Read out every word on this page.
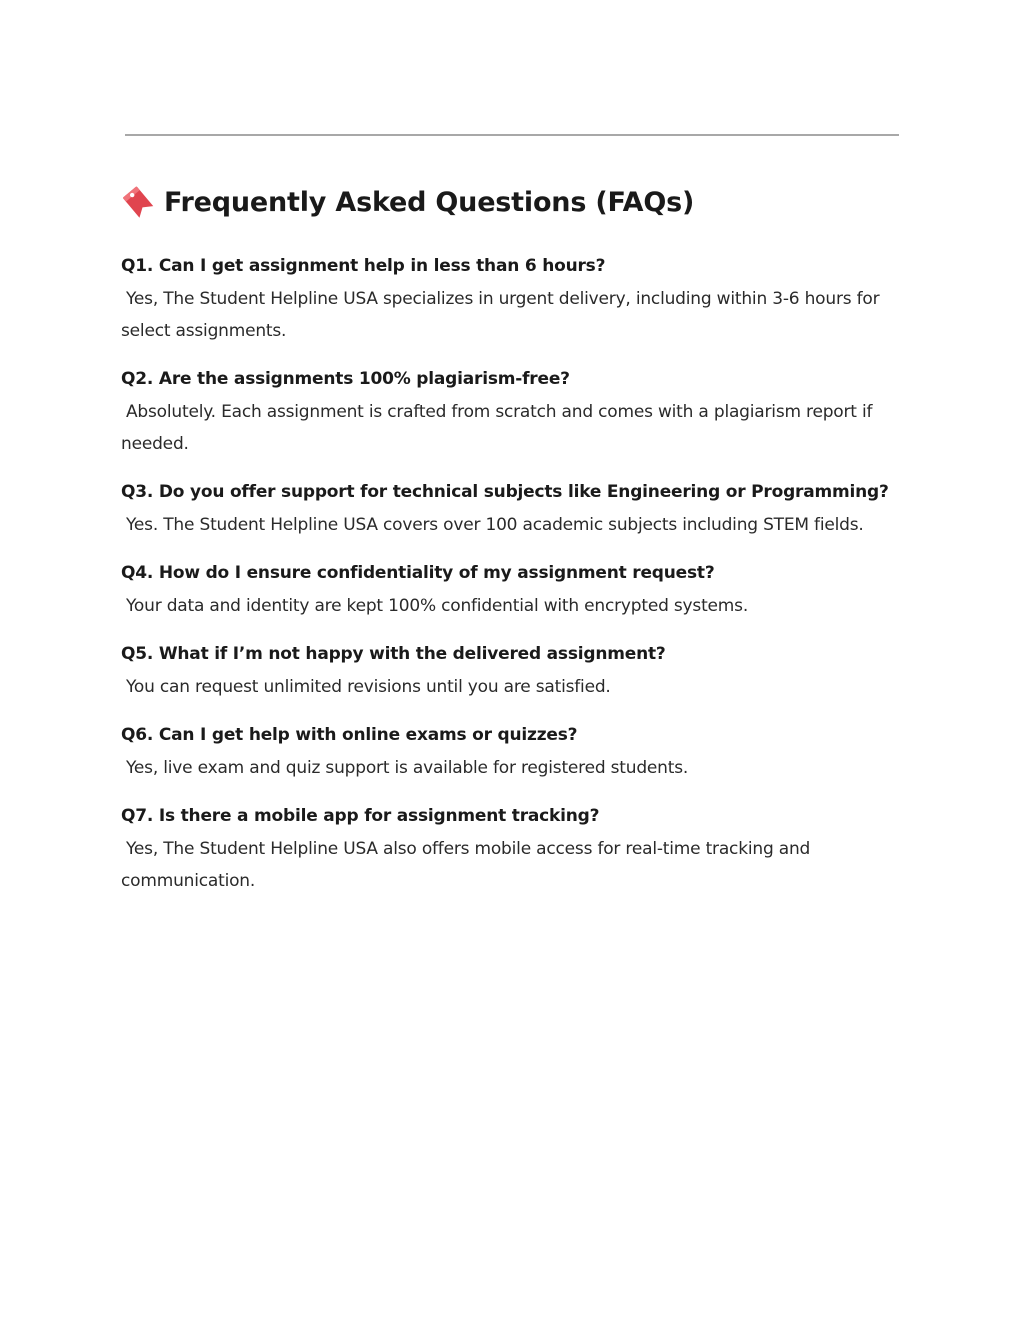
Frequently Asked Questions (FAQs)
Q1. Can I get assignment help in less than 6 hours?
Yes, The Student Helpline USA specializes in urgent delivery, including within 3-6 hours for select assignments.
Q2. Are the assignments 100% plagiarism-free?
Absolutely. Each assignment is crafted from scratch and comes with a plagiarism report if needed.
Q3. Do you offer support for technical subjects like Engineering or Programming?
Yes. The Student Helpline USA covers over 100 academic subjects including STEM fields.
Q4. How do I ensure confidentiality of my assignment request?
Your data and identity are kept 100% confidential with encrypted systems.
Q5. What if I’m not happy with the delivered assignment?
You can request unlimited revisions until you are satisfied.
Q6. Can I get help with online exams or quizzes?
Yes, live exam and quiz support is available for registered students.
Q7. Is there a mobile app for assignment tracking?
Yes, The Student Helpline USA also offers mobile access for real-time tracking and communication.
